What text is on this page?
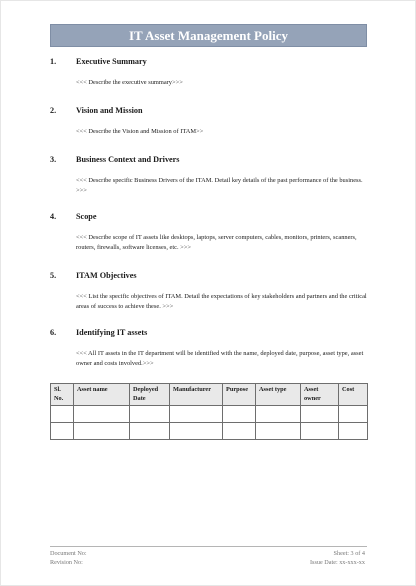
IT Asset Management Policy
1. Executive Summary
<<< Describe the executive summary>>>
2. Vision and Mission
<<< Describe the Vision and Mission of ITAM>>
3. Business Context and Drivers
<<< Describe specific Business Drivers of the ITAM. Detail key details of the past performance of the business. >>>
4. Scope
<<< Describe scope of IT assets like desktops, laptops, server computers, cables, monitors, printers, scanners, routers, firewalls, software licenses, etc. >>>
5. ITAM Objectives
<<< List the specific objectives of ITAM. Detail the expectations of key stakeholders and partners and the critical areas of success to achieve these. >>>
6. Identifying IT assets
<<< All IT assets in the IT department will be identified with the name, deployed date, purpose, asset type, asset owner and costs involved.>>>
Sl. No.	Asset name	Deployed Date	Manufacturer	Purpose	Asset type	Asset owner	Cost

Document No:
Revision No:
Sheet: 3 of 4
Issue Date: xx-xxx-xx
